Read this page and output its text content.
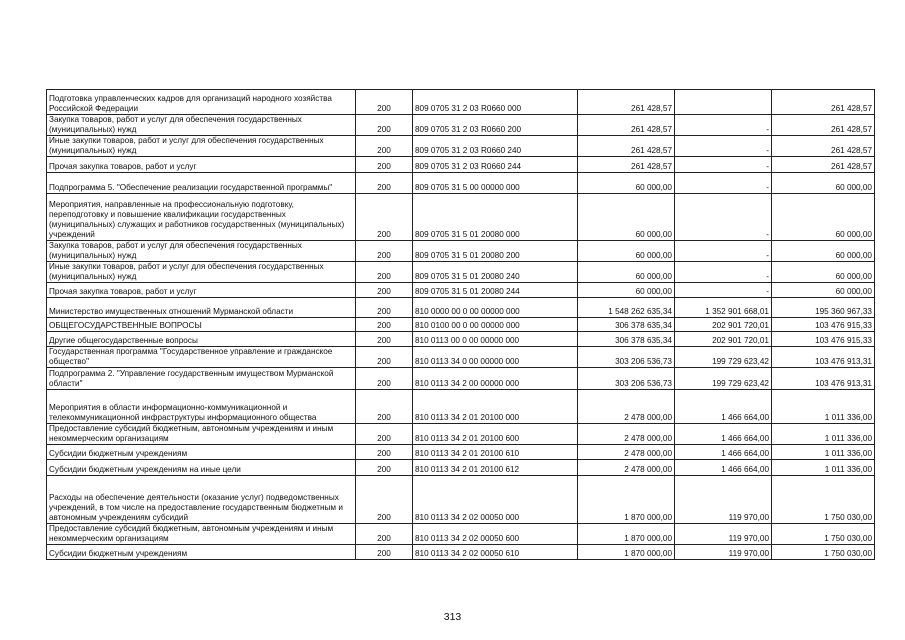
Подготовка управленческих кадров для организаций народного хозяйства Российской Федерации	200	809 0705 31 2 03 R0660 000	261 428,57		261 428,57
Закупка товаров, работ и услуг для обеспечения государственных (муниципальных) нужд	200	809 0705 31 2 03 R0660 200	261 428,57	-	261 428,57
Иные закупки товаров, работ и услуг для обеспечения государственных (муниципальных) нужд	200	809 0705 31 2 03 R0660 240	261 428,57	-	261 428,57
Прочая закупка товаров, работ и услуг	200	809 0705 31 2 03 R0660 244	261 428,57	-	261 428,57
Подпрограмма 5. "Обеспечение реализации государственной программы"	200	809 0705 31 5 00 00000 000	60 000,00	-	60 000,00
Мероприятия, направленные на профессиональную подготовку, переподготовку и повышение квалификации государственных (муниципальных) служащих и работников государственных (муниципальных) учреждений	200	809 0705 31 5 01 20080 000	60 000,00	-	60 000,00
Закупка товаров, работ и услуг для обеспечения государственных (муниципальных) нужд	200	809 0705 31 5 01 20080 200	60 000,00	-	60 000,00
Иные закупки товаров, работ и услуг для обеспечения государственных (муниципальных) нужд	200	809 0705 31 5 01 20080 240	60 000,00	-	60 000,00
Прочая закупка товаров, работ и услуг	200	809 0705 31 5 01 20080 244	60 000,00	-	60 000,00
Министерство имущественных отношений Мурманской области	200	810 0000 00 0 00 00000 000	1 548 262 635,34	1 352 901 668,01	195 360 967,33
ОБЩЕГОСУДАРСТВЕННЫЕ ВОПРОСЫ	200	810 0100 00 0 00 00000 000	306 378 635,34	202 901 720,01	103 476 915,33
Другие общегосударственные вопросы	200	810 0113 00 0 00 00000 000	306 378 635,34	202 901 720,01	103 476 915,33
Государственная программа "Государственное управление и гражданское общество"	200	810 0113 34 0 00 00000 000	303 206 536,73	199 729 623,42	103 476 913,31
Подпрограмма 2. "Управление государственным имуществом Мурманской области"	200	810 0113 34 2 00 00000 000	303 206 536,73	199 729 623,42	103 476 913,31
Мероприятия в области информационно-коммуникационной и телекоммуникационной инфраструктуры информационного общества	200	810 0113 34 2 01 20100 000	2 478 000,00	1 466 664,00	1 011 336,00
Предоставление субсидий бюджетным, автономным учреждениям и иным некоммерческим организациям	200	810 0113 34 2 01 20100 600	2 478 000,00	1 466 664,00	1 011 336,00
Субсидии бюджетным учреждениям	200	810 0113 34 2 01 20100 610	2 478 000,00	1 466 664,00	1 011 336,00
Субсидии бюджетным учреждениям на иные цели	200	810 0113 34 2 01 20100 612	2 478 000,00	1 466 664,00	1 011 336,00
Расходы на обеспечение деятельности (оказание услуг) подведомственных учреждений, в том числе на предоставление государственным бюджетным и автономным учреждениям субсидий	200	810 0113 34 2 02 00050 000	1 870 000,00	119 970,00	1 750 030,00
Предоставление субсидий бюджетным, автономным учреждениям и иным некоммерческим организациям	200	810 0113 34 2 02 00050 600	1 870 000,00	119 970,00	1 750 030,00
Субсидии бюджетным учреждениям	200	810 0113 34 2 02 00050 610	1 870 000,00	119 970,00	1 750 030,00
313
